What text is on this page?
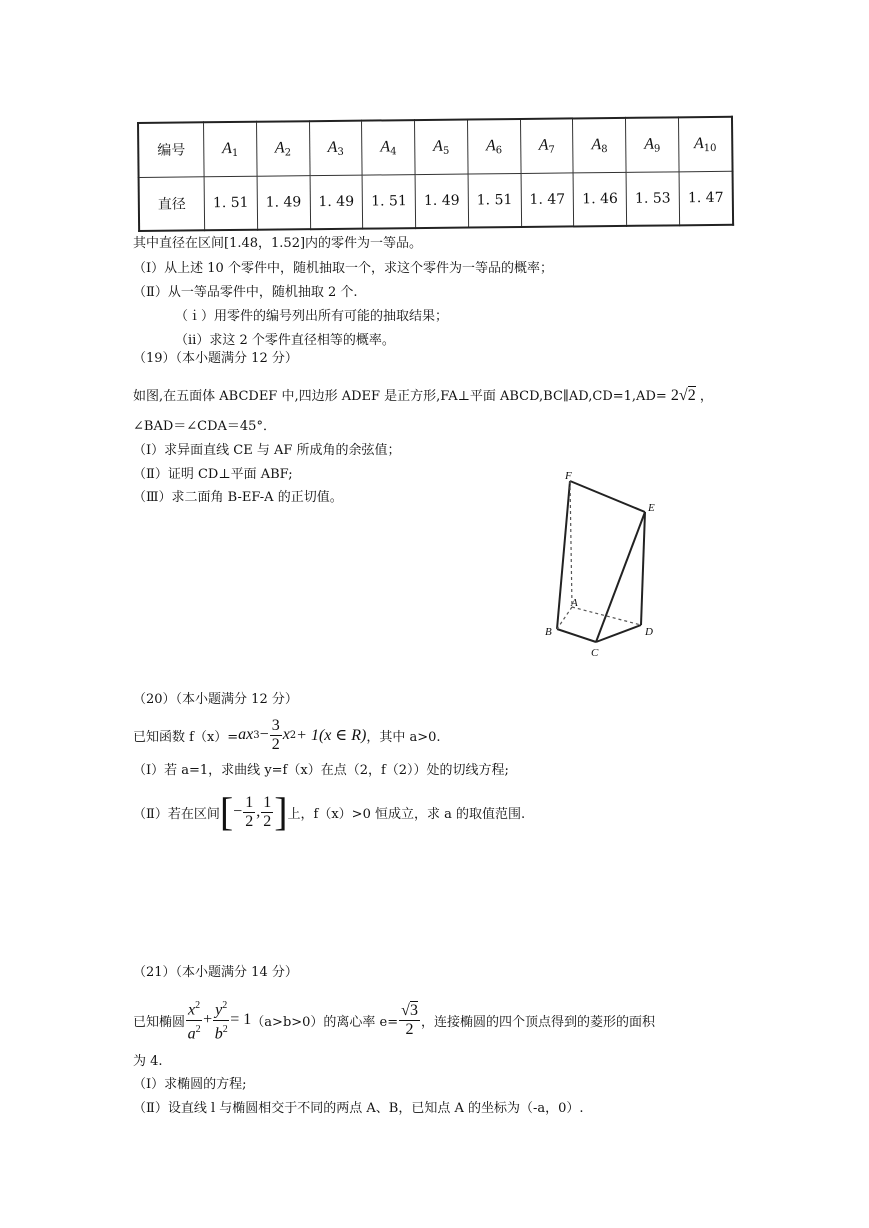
编号	$A_1$	$A_2$	$A_3$	$A_4$	$A_5$	$A_6$	$A_7$	$A_8$	$A_9$	$A_{10}$
直径	1. 51	1. 49	1. 49	1. 51	1. 49	1. 51	1. 47	1. 46	1. 53	1. 47
其中直径在区间[1.48，1.52]内的零件为一等品。
（Ⅰ）从上述 10 个零件中，随机抽取一个，求这个零件为一等品的概率；
（Ⅱ）从一等品零件中，随机抽取 2 个.
（ｉ）用零件的编号列出所有可能的抽取结果；
（ⅱ）求这 2 个零件直径相等的概率。
（19）（本小题满分 12 分）
如图,在五面体 ABCDEF 中,四边形 ADEF 是正方形,FA⊥平面 ABCD,BC∥AD,CD=1,AD= 2√2 ，
∠BAD＝∠CDA＝45°．
（Ⅰ）求异面直线 CE 与 AF 所成角的余弦值；
（Ⅱ）证明 CD⊥平面 ABF;
（Ⅲ）求二面角 B-EF-A 的正切值。
F
E
A
B
C
D
（20）（本小题满分 12 分）
已知函数 f（x）= ax $3 - \frac{3}{2}$ x 2 + 1(x ∈ R) ，其中 a>0.
（Ⅰ）若 a=1，求曲线 y=f（x）在点（2，f（2））处的切线方程;
（Ⅱ）若在区间 [ − $\frac{1}{2}$ , $\frac{1}{2}$ ] 上，f（x）>0 恒成立，求 a 的取值范围.
（21）（本小题满分 14 分）
已知椭圆 $\frac{x^2}{a^2} + \frac{y^2}{b^2} = 1$ （a>b>0）的离心率 $e= \frac{√3}{2}$ ，连接椭圆的四个顶点得到的菱形的面积
为 4.
（Ⅰ）求椭圆的方程;
（Ⅱ）设直线 l 与椭圆相交于不同的两点 A、B，已知点 A 的坐标为（-a，0）.
